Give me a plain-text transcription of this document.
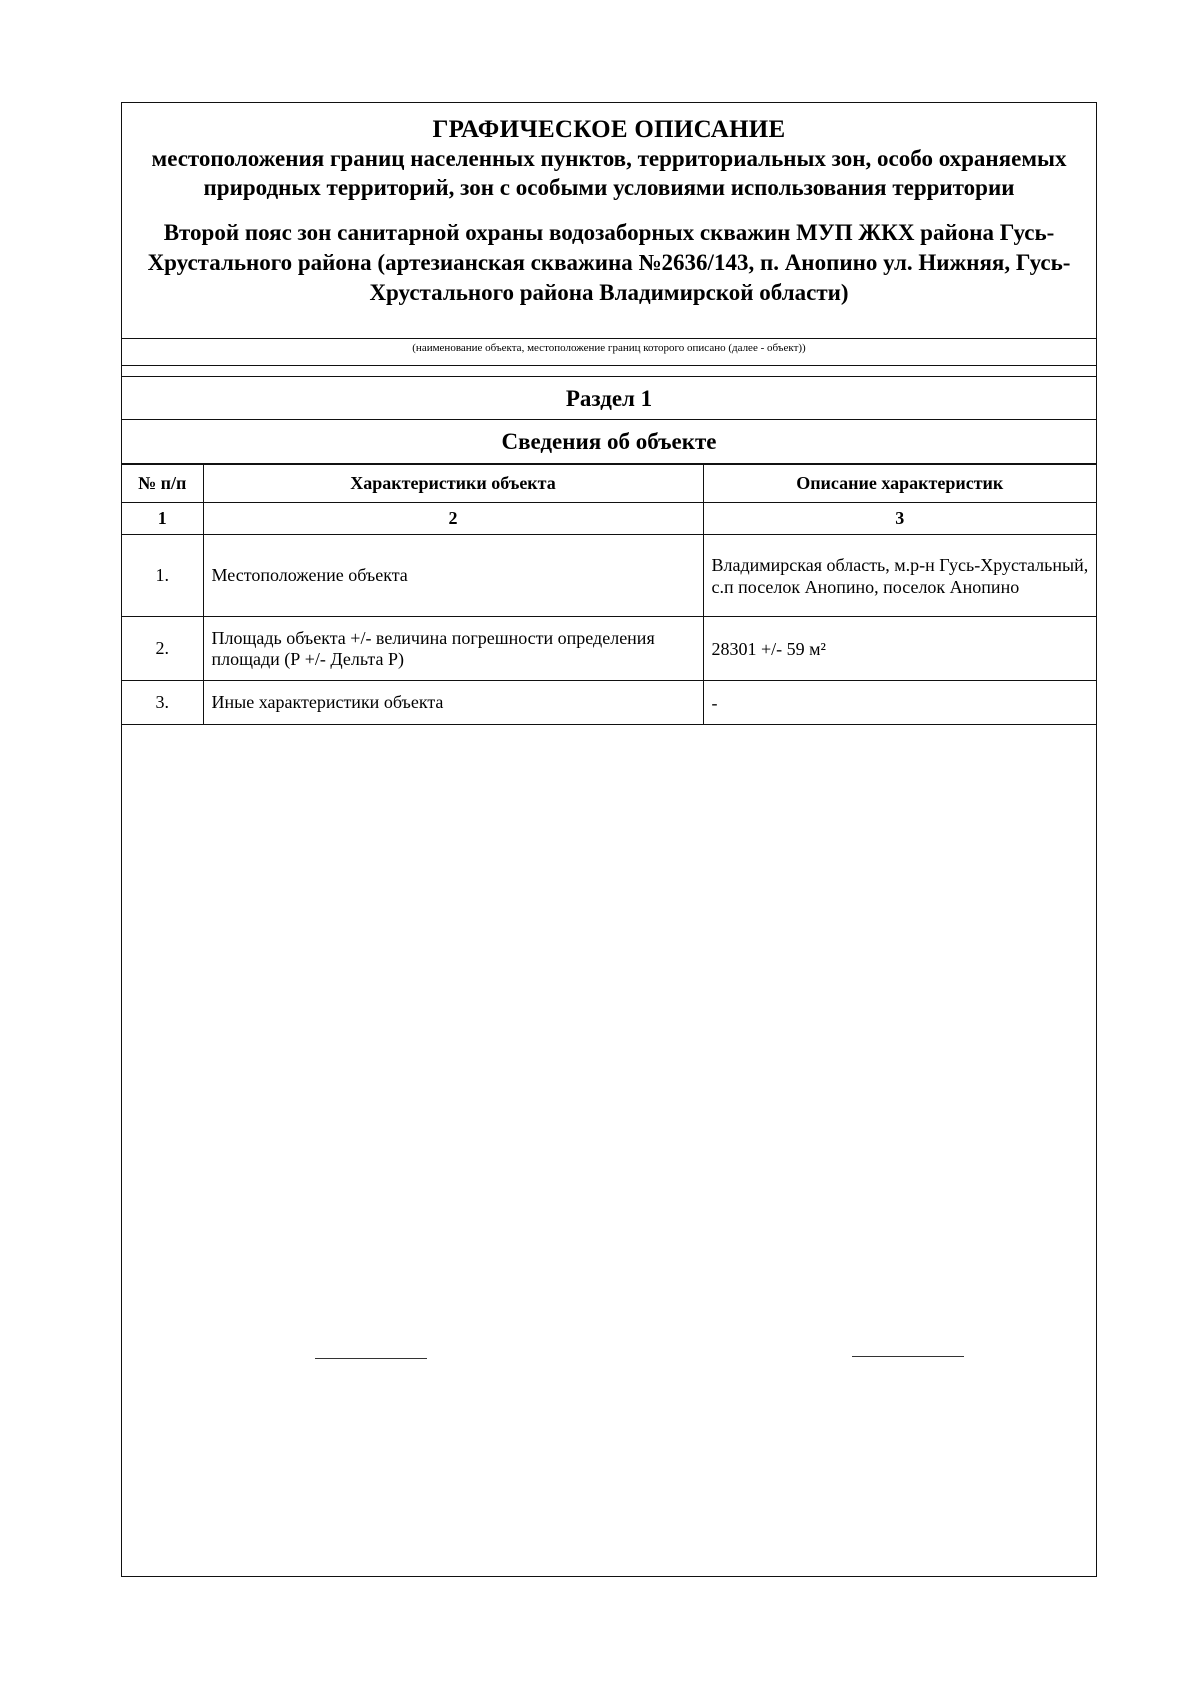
ГРАФИЧЕСКОЕ ОПИСАНИЕ
местоположения границ населенных пунктов, территориальных зон, особо охраняемых природных территорий, зон с особыми условиями использования территории
Второй пояс зон санитарной охраны водозаборных скважин МУП ЖКХ района Гусь-Хрустального района (артезианская скважина №2636/143, п. Анопино ул. Нижняя, Гусь-Хрустального района Владимирской области)
(наименование объекта, местоположение границ которого описано (далее - объект))
Раздел 1
Сведения об объекте
№ п/п	Характеристики объекта	Описание характеристик
1	2	3
1.	Местоположение объекта	Владимирская область, м.р-н Гусь-Хрустальный, с.п поселок Анопино, поселок Анопино
2.	Площадь объекта +/- величина погрешности определения площади (Р +/- Дельта Р)	28301 +/- 59 м²
3.	Иные характеристики объекта	-
